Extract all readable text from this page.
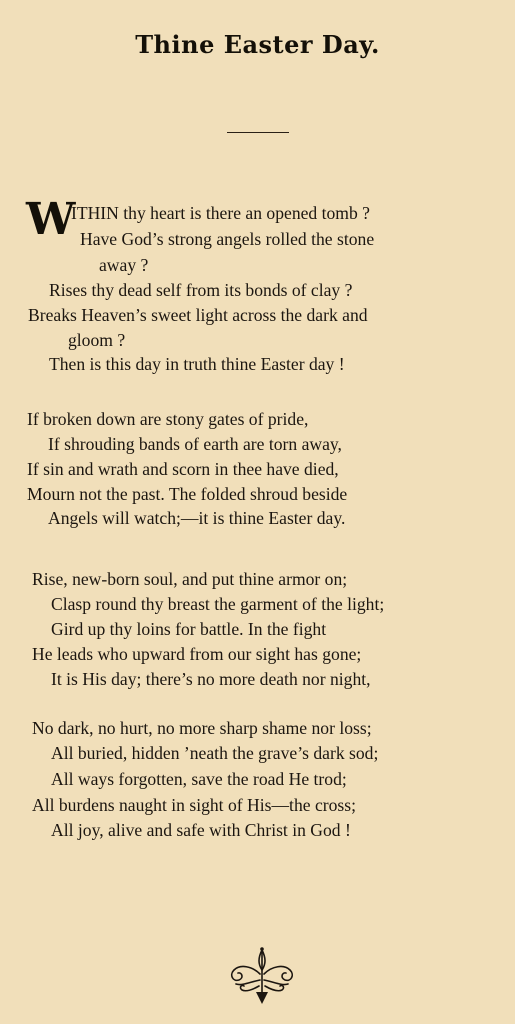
Thine Easter Day.
W
ITHIN thy heart is there an opened tomb ?
Have God’s strong angels rolled the stone
away ?
Rises thy dead self from its bonds of clay ?
Breaks Heaven’s sweet light across the dark and
gloom ?
Then is this day in truth thine Easter day !
If broken down are stony gates of pride,
If shrouding bands of earth are torn away,
If sin and wrath and scorn in thee have died,
Mourn not the past. The folded shroud beside
Angels will watch;—it is thine Easter day.
Rise, new-born soul, and put thine armor on;
Clasp round thy breast the garment of the light;
Gird up thy loins for battle. In the fight
He leads who upward from our sight has gone;
It is His day; there’s no more death nor night,
No dark, no hurt, no more sharp shame nor loss;
All buried, hidden ’neath the grave’s dark sod;
All ways forgotten, save the road He trod;
All burdens naught in sight of His––the cross;
All joy, alive and safe with Christ in God !
